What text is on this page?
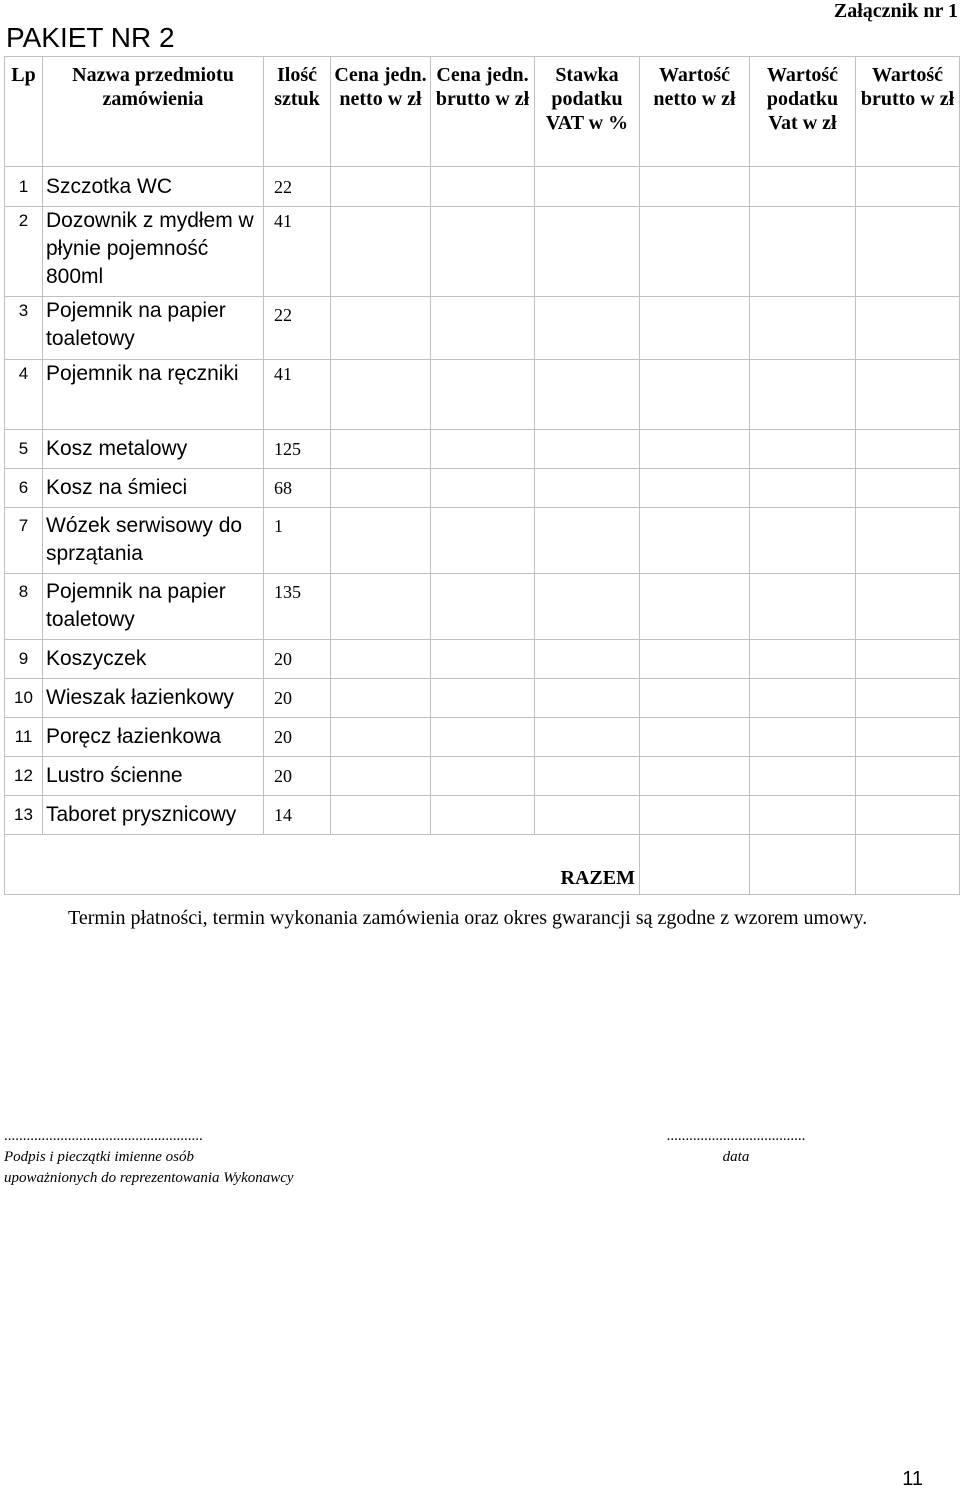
Załącznik nr 1
PAKIET NR 2
Lp	Nazwa przedmiotu zamówienia	Ilość sztuk	Cena jedn. netto w zł	Cena jedn. brutto w zł	Stawka podatku VAT w %	Wartość netto w zł	Wartość podatku Vat w zł	Wartość brutto w zł
1	Szczotka WC	22						
2	Dozownik z mydłem w płynie pojemność 800ml	41						
3	Pojemnik na papier toaletowy	22						
4	Pojemnik na ręczniki	41						
5	Kosz metalowy	125						
6	Kosz na śmieci	68						
7	Wózek serwisowy do sprzątania	1						
8	Pojemnik na papier toaletowy	135						
9	Koszyczek	20						
10	Wieszak łazienkowy	20						
11	Poręcz łazienkowa	20						
12	Lustro ścienne	20						
13	Taboret prysznicowy	14						
RAZEM								
Termin płatności, termin wykonania zamówienia oraz okres gwarancji są zgodne z wzorem umowy.
.....................................................
Podpis i pieczątki imienne osób
upoważnionych do reprezentowania Wykonawcy
.....................................
data
11
